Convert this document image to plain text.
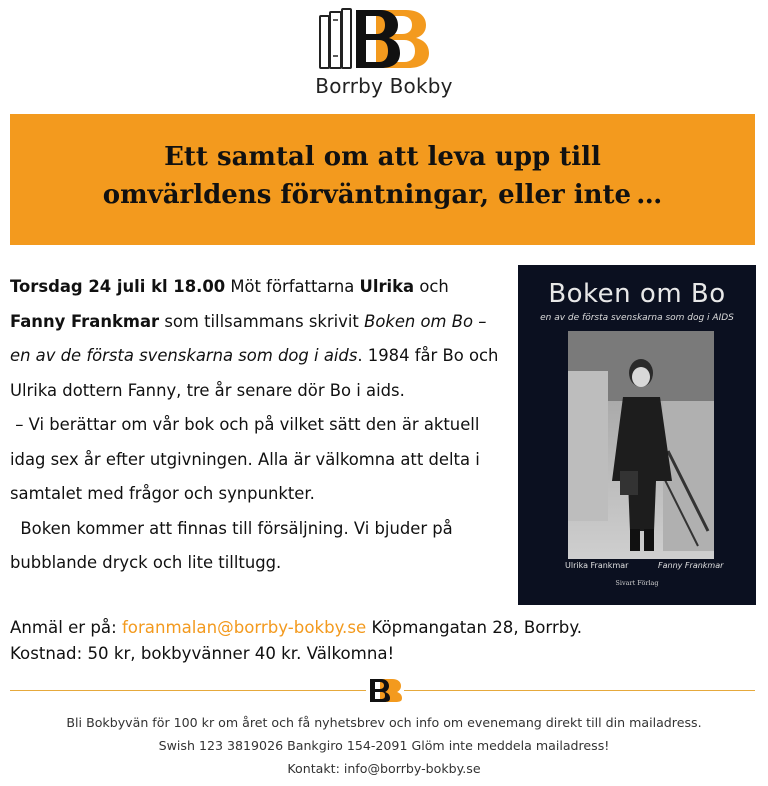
Borrby Bokby
Ett samtal om att leva upp till
omvärldens förväntningar, eller inte …
Torsdag 24 juli kl 18.00 Möt författarna Ulrika och Fanny Frankmar som tillsammans skrivit Boken om Bo – en av de första svenskarna som dog i aids. 1984 får Bo och Ulrika dottern Fanny, tre år senare dör Bo i aids.
– Vi berättar om vår bok och på vilket sätt den är aktuell idag sex år efter utgivningen. Alla är välkomna att delta i samtalet med frågor och synpunkter.
Boken kommer att finnas till försäljning. Vi bjuder på bubblande dryck och lite tilltugg.
Boken om Bo
en av de första svenskarna som dog i AIDS
Ulrika Frankmar	Fanny Frankmar
Sivart Förlag
Anmäl er på: foranmalan@borrby-bokby.se Köpmangatan 28, Borrby.
Kostnad: 50 kr, bokbyvänner 40 kr. Välkomna!
Bli Bokbyvän för 100 kr om året och få nyhetsbrev och info om evenemang direkt till din mailadress.
Swish 123 3819026 Bankgiro 154-2091 Glöm inte meddela mailadress!
Kontakt: info@borrby-bokby.se
